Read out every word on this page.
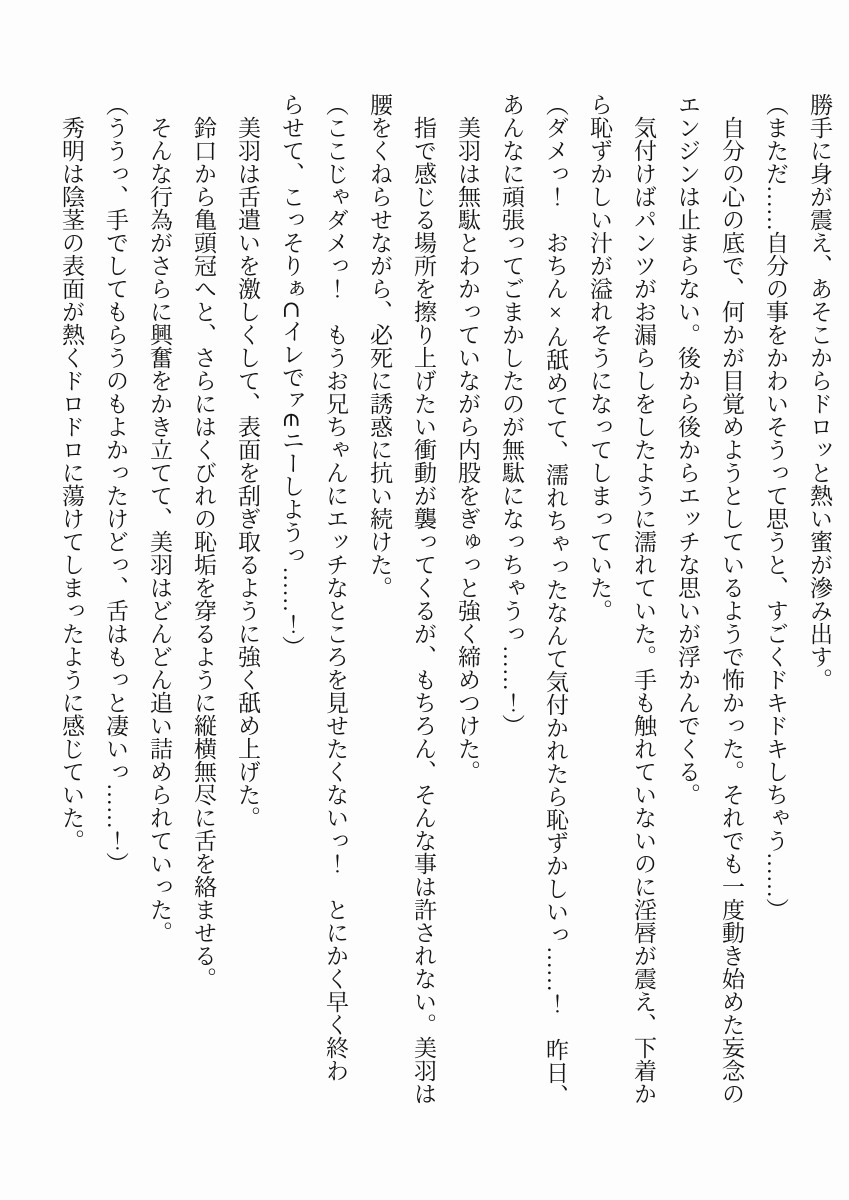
勝手に身が震え、あそこからドロッと熱い蜜が滲み出す。
（まただ……自分の事をかわいそうって思うと、すごくドキドキしちゃう……）
自分の心の底で、何かが目覚めようとしているようで怖かった。それでも一度動き始めた妄念の
エンジンは止まらない。後から後からエッチな思いが浮かんでくる。
気付けばパンツがお漏らしをしたように濡れていた。手も触れていないのに淫唇が震え、下着か
ら恥ずかしい汁が溢れそうになってしまっていた。
（ダメっ！　おちん×ん舐めてて、濡れちゃったなんて気付かれたら恥ずかしいっ……！　昨日、
あんなに頑張ってごまかしたのが無駄になっちゃうっ……！）
美羽は無駄とわかっていながら内股をぎゅっと強く締めつけた。
指で感じる場所を擦り上げたい衝動が襲ってくるが、もちろん、そんな事は許されない。美羽は
腰をくねらせながら、必死に誘惑に抗い続けた。
（ここじゃダメっ！　もうお兄ちゃんにエッチなところを見せたくないっ！　とにかく早く終わ
らせて、こっそりぁ⊂イレでァ∈ニーしようっ……！）
美羽は舌遣いを激しくして、表面を刮ぎ取るように強く舐め上げた。
鈴口から亀頭冠へと、さらにはくびれの恥垢を穿るように縦横無尽に舌を絡ませる。
そんな行為がさらに興奮をかき立てて、美羽はどんどん追い詰められていった。
（ううっ、手でしてもらうのもよかったけどっ、舌はもっと凄いっ……！）
秀明は陰茎の表面が熱くドロドロに蕩けてしまったように感じていた。
